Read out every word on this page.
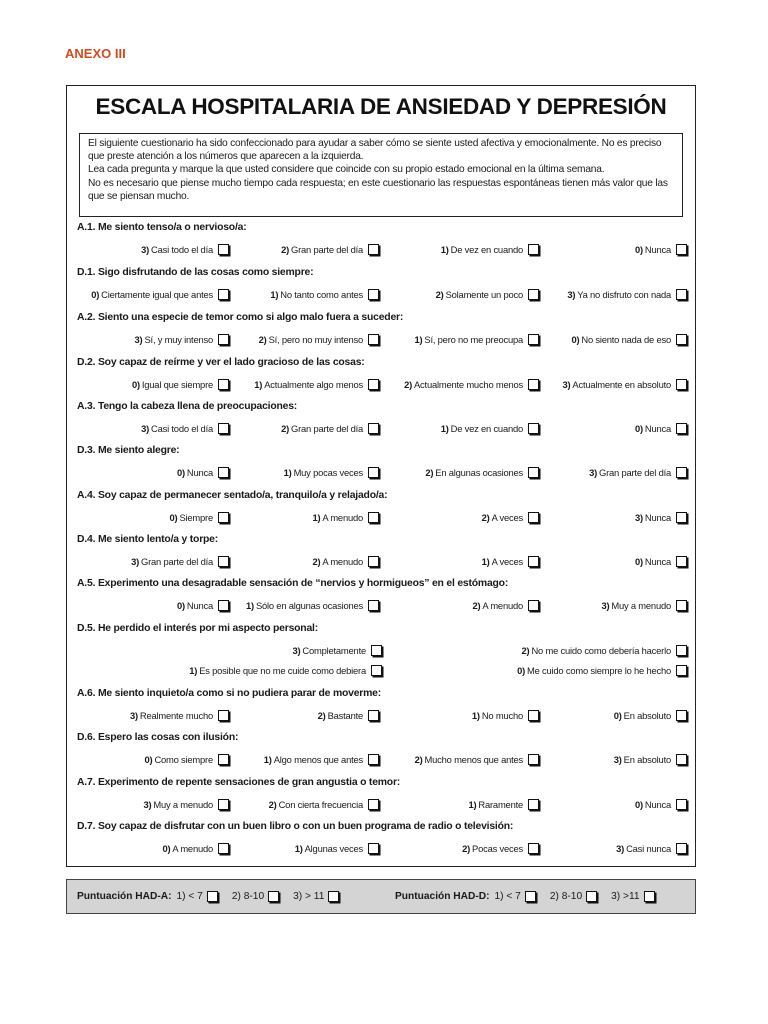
ANEXO III
ESCALA HOSPITALARIA DE ANSIEDAD Y DEPRESIÓN

El siguiente cuestionario ha sido confeccionado para ayudar a saber cómo se siente usted afectiva y emocionalmente. No es preciso que preste atención a los números que aparecen a la izquierda.

Lea cada pregunta y marque la que usted considere que coincide con su propio estado emocional en la última semana.

No es necesario que piense mucho tiempo cada respuesta; en este cuestionario las respuestas espontáneas tienen más valor que las que se piensan mucho.

A.1. Me siento tenso/a o nervioso/a:
3) Casi todo el día	2) Gran parte del día	1) De vez en cuando	0) Nunca
D.1. Sigo disfrutando de las cosas como siempre:
0) Ciertamente igual que antes	1) No tanto como antes	2) Solamente un poco	3) Ya no disfruto con nada
A.2. Siento una especie de temor como si algo malo fuera a suceder:
3) Sí, y muy intenso	2) Sí, pero no muy intenso	1) Sí, pero no me preocupa	0) No siento nada de eso
D.2. Soy capaz de reírme y ver el lado gracioso de las cosas:
0) Igual que siempre	1) Actualmente algo menos	2) Actualmente mucho menos	3) Actualmente en absoluto
A.3. Tengo la cabeza llena de preocupaciones:
3) Casi todo el día	2) Gran parte del día	1) De vez en cuando	0) Nunca
D.3. Me siento alegre:
0) Nunca	1) Muy pocas veces	2) En algunas ocasiones	3) Gran parte del día
A.4. Soy capaz de permanecer sentado/a, tranquilo/a y relajado/a:
0) Siempre	1) A menudo	2) A veces	3) Nunca
D.4. Me siento lento/a y torpe:
3) Gran parte del día	2) A menudo	1) A veces	0) Nunca
A.5. Experimento una desagradable sensación de “nervios y hormigueos” en el estómago:
0) Nunca	1) Sólo en algunas ocasiones	2) A menudo	3) Muy a menudo
D.5. He perdido el interés por mi aspecto personal:
3) Completamente	2) No me cuido como debería hacerlo
1) Es posible que no me cuide como debiera	0) Me cuido como siempre lo he hecho
A.6. Me siento inquieto/a como si no pudiera parar de moverme:
3) Realmente mucho	2) Bastante	1) No mucho	0) En absoluto
D.6. Espero las cosas con ilusión:
0) Como siempre	1) Algo menos que antes	2) Mucho menos que antes	3) En absoluto
A.7. Experimento de repente sensaciones de gran angustia o temor:
3) Muy a menudo	2) Con cierta frecuencia	1) Raramente	0) Nunca
D.7. Soy capaz de disfrutar con un buen libro o con un buen programa de radio o televisión:
0) A menudo	1) Algunas veces	2) Pocas veces	3) Casi nunca
Puntuación HAD-A: 1) < 7	2) 8-10	3) > 11	Puntuación HAD-D: 1) < 7	2) 8-10	3) >11
